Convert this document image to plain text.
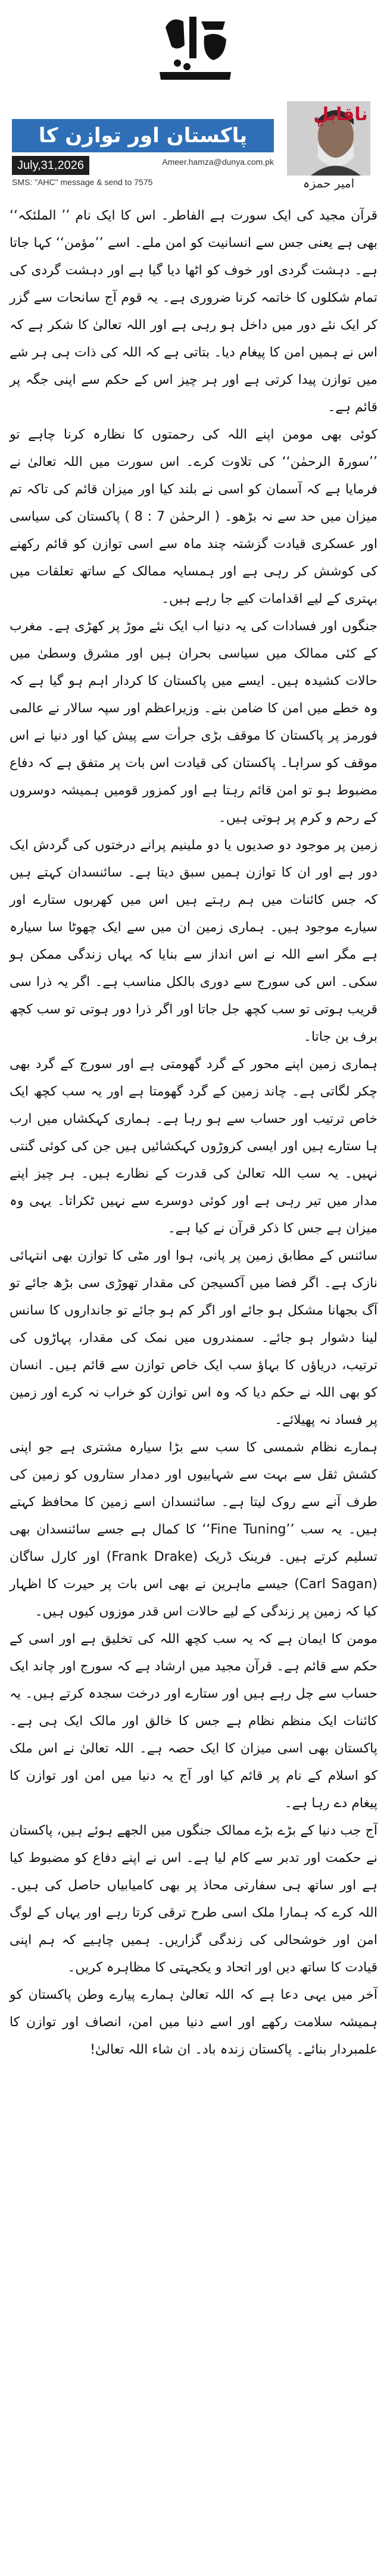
ناقابلِ
امیر حمزہ
پاکستان اور توازن کا میزان
July,31,2026	Ameer.hamza@dunya.com.pk
SMS: "AHC" message & send to 7575

قرآن مجید کی ایک سورت ہے الفاطر۔ اس کا ایک نام ’’ الملئکہ‘‘ بھی ہے یعنی جس سے انسانیت کو امن ملے۔ اسے ’’مؤمن‘‘ کہا جاتا ہے۔ دہشت گردی اور خوف کو اٹھا دیا گیا ہے اور دہشت گردی کی تمام شکلوں کا خاتمہ کرنا ضروری ہے۔ یہ قوم آج سانحات سے گزر کر ایک نئے دور میں داخل ہو رہی ہے اور اللہ تعالیٰ کا شکر ہے کہ اس نے ہمیں امن کا پیغام دیا۔ بتاتی ہے کہ اللہ کی ذات ہی ہر شے میں توازن پیدا کرتی ہے اور ہر چیز اس کے حکم سے اپنی جگہ پر قائم ہے۔

کوئی بھی مومن اپنے اللہ کی رحمتوں کا نظارہ کرنا چاہے تو ’’سورۃ الرحمٰن‘‘ کی تلاوت کرے۔ اس سورت میں اللہ تعالیٰ نے فرمایا ہے کہ آسمان کو اسی نے بلند کیا اور میزان قائم کی تاکہ تم میزان میں حد سے نہ بڑھو۔ ( الرحمٰن 7 : 8 ) پاکستان کی سیاسی اور عسکری قیادت گزشتہ چند ماہ سے اسی توازن کو قائم رکھنے کی کوشش کر رہی ہے اور ہمسایہ ممالک کے ساتھ تعلقات میں بہتری کے لیے اقدامات کیے جا رہے ہیں۔

جنگوں اور فسادات کی یہ دنیا اب ایک نئے موڑ پر کھڑی ہے۔ مغرب کے کئی ممالک میں سیاسی بحران ہیں اور مشرق وسطیٰ میں حالات کشیدہ ہیں۔ ایسے میں پاکستان کا کردار اہم ہو گیا ہے کہ وہ خطے میں امن کا ضامن بنے۔ وزیراعظم اور سپہ سالار نے عالمی فورمز پر پاکستان کا موقف بڑی جرأت سے پیش کیا اور دنیا نے اس موقف کو سراہا۔ پاکستان کی قیادت اس بات پر متفق ہے کہ دفاع مضبوط ہو تو امن قائم رہتا ہے اور کمزور قومیں ہمیشہ دوسروں کے رحم و کرم پر ہوتی ہیں۔

زمین پر موجود دو صدیوں یا دو ملینیم پرانے درختوں کی گردش ایک دور ہے اور ان کا توازن ہمیں سبق دیتا ہے۔ سائنسدان کہتے ہیں کہ جس کائنات میں ہم رہتے ہیں اس میں کھربوں ستارے اور سیارے موجود ہیں۔ ہماری زمین ان میں سے ایک چھوٹا سا سیارہ ہے مگر اسے اللہ نے اس انداز سے بنایا کہ یہاں زندگی ممکن ہو سکی۔ اس کی سورج سے دوری بالکل مناسب ہے۔ اگر یہ ذرا سی قریب ہوتی تو سب کچھ جل جاتا اور اگر ذرا دور ہوتی تو سب کچھ برف بن جاتا۔

ہماری زمین اپنے محور کے گرد گھومتی ہے اور سورج کے گرد بھی چکر لگاتی ہے۔ چاند زمین کے گرد گھومتا ہے اور یہ سب کچھ ایک خاص ترتیب اور حساب سے ہو رہا ہے۔ ہماری کہکشاں میں ارب ہا ستارے ہیں اور ایسی کروڑوں کہکشائیں ہیں جن کی کوئی گنتی نہیں۔ یہ سب اللہ تعالیٰ کی قدرت کے نظارے ہیں۔ ہر چیز اپنے مدار میں تیر رہی ہے اور کوئی دوسرے سے نہیں ٹکراتا۔ یہی وہ میزان ہے جس کا ذکر قرآن نے کیا ہے۔

سائنس کے مطابق زمین پر پانی، ہوا اور مٹی کا توازن بھی انتہائی نازک ہے۔ اگر فضا میں آکسیجن کی مقدار تھوڑی سی بڑھ جائے تو آگ بجھانا مشکل ہو جائے اور اگر کم ہو جائے تو جانداروں کا سانس لینا دشوار ہو جائے۔ سمندروں میں نمک کی مقدار، پہاڑوں کی ترتیب، دریاؤں کا بہاؤ سب ایک خاص توازن سے قائم ہیں۔ انسان کو بھی اللہ نے حکم دیا کہ وہ اس توازن کو خراب نہ کرے اور زمین پر فساد نہ پھیلائے۔

ہمارے نظام شمسی کا سب سے بڑا سیارہ مشتری ہے جو اپنی کشش ثقل سے بہت سے شہابیوں اور دمدار ستاروں کو زمین کی طرف آنے سے روک لیتا ہے۔ سائنسدان اسے زمین کا محافظ کہتے ہیں۔ یہ سب ’’Fine Tuning‘‘ کا کمال ہے جسے سائنسدان بھی تسلیم کرتے ہیں۔ فرینک ڈریک (Frank Drake) اور کارل ساگان (Carl Sagan) جیسے ماہرین نے بھی اس بات پر حیرت کا اظہار کیا کہ زمین پر زندگی کے لیے حالات اس قدر موزوں کیوں ہیں۔

مومن کا ایمان ہے کہ یہ سب کچھ اللہ کی تخلیق ہے اور اسی کے حکم سے قائم ہے۔ قرآن مجید میں ارشاد ہے کہ سورج اور چاند ایک حساب سے چل رہے ہیں اور ستارے اور درخت سجدہ کرتے ہیں۔ یہ کائنات ایک منظم نظام ہے جس کا خالق اور مالک ایک ہی ہے۔ پاکستان بھی اسی میزان کا ایک حصہ ہے۔ اللہ تعالیٰ نے اس ملک کو اسلام کے نام پر قائم کیا اور آج یہ دنیا میں امن اور توازن کا پیغام دے رہا ہے۔

آج جب دنیا کے بڑے بڑے ممالک جنگوں میں الجھے ہوئے ہیں، پاکستان نے حکمت اور تدبر سے کام لیا ہے۔ اس نے اپنے دفاع کو مضبوط کیا ہے اور ساتھ ہی سفارتی محاذ پر بھی کامیابیاں حاصل کی ہیں۔ اللہ کرے کہ ہمارا ملک اسی طرح ترقی کرتا رہے اور یہاں کے لوگ امن اور خوشحالی کی زندگی گزاریں۔ ہمیں چاہیے کہ ہم اپنی قیادت کا ساتھ دیں اور اتحاد و یکجہتی کا مظاہرہ کریں۔

آخر میں یہی دعا ہے کہ اللہ تعالیٰ ہمارے پیارے وطن پاکستان کو ہمیشہ سلامت رکھے اور اسے دنیا میں امن، انصاف اور توازن کا علمبردار بنائے۔ پاکستان زندہ باد۔ ان شاء اللہ تعالیٰ!
